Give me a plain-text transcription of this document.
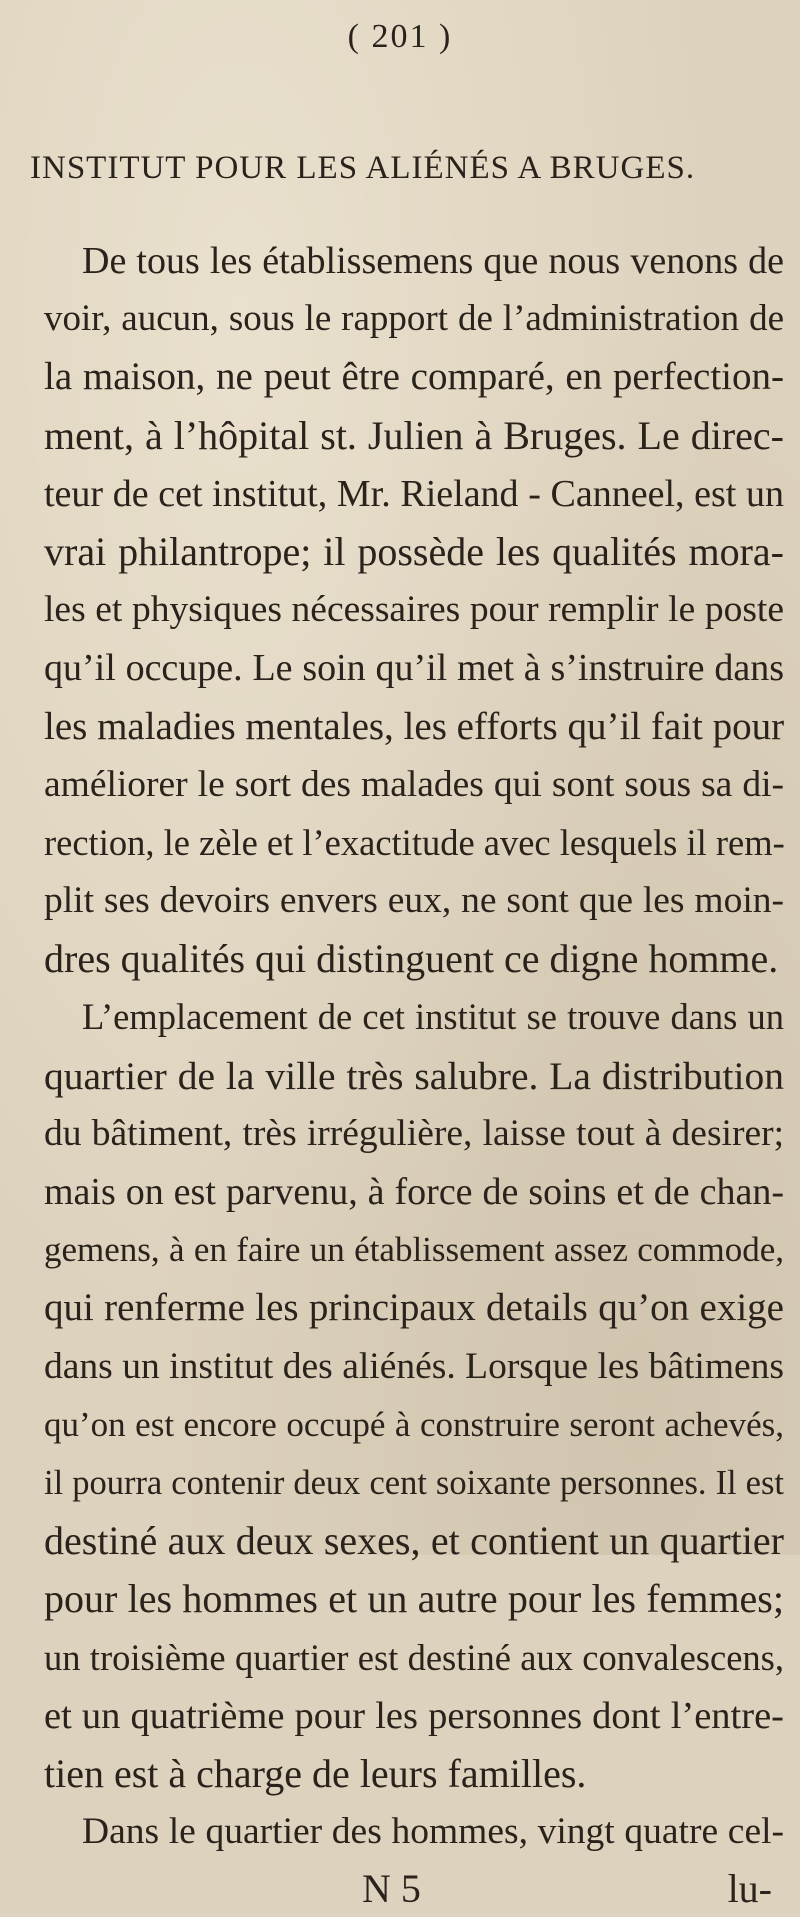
( 201 )
INSTITUT POUR LES ALIÉNÉS A BRUGES.
De tous les établissemens que nous venons de
voir, aucun, sous le rapport de l’administration de
la maison, ne peut être comparé, en perfection-
ment, à l’hôpital st. Julien à Bruges. Le direc-
teur de cet institut, Mr. Rieland - Canneel, est un
vrai philantrope; il possède les qualités mora-
les et physiques nécessaires pour remplir le poste
qu’il occupe. Le soin qu’il met à s’instruire dans
les maladies mentales, les efforts qu’il fait pour
améliorer le sort des malades qui sont sous sa di-
rection, le zèle et l’exactitude avec lesquels il rem-
plit ses devoirs envers eux, ne sont que les moin-
dres qualités qui distinguent ce digne homme.
L’emplacement de cet institut se trouve dans un
quartier de la ville très salubre. La distribution
du bâtiment, très irrégulière, laisse tout à desirer;
mais on est parvenu, à force de soins et de chan-
gemens, à en faire un établissement assez commode,
qui renferme les principaux details qu’on exige
dans un institut des aliénés. Lorsque les bâtimens
qu’on est encore occupé à construire seront achevés,
il pourra contenir deux cent soixante personnes. Il est
destiné aux deux sexes, et contient un quartier
pour les hommes et un autre pour les femmes;
un troisième quartier est destiné aux convalescens,
et un quatrième pour les personnes dont l’entre-
tien est à charge de leurs familles.
Dans le quartier des hommes, vingt quatre cel-
N 5	lu-
